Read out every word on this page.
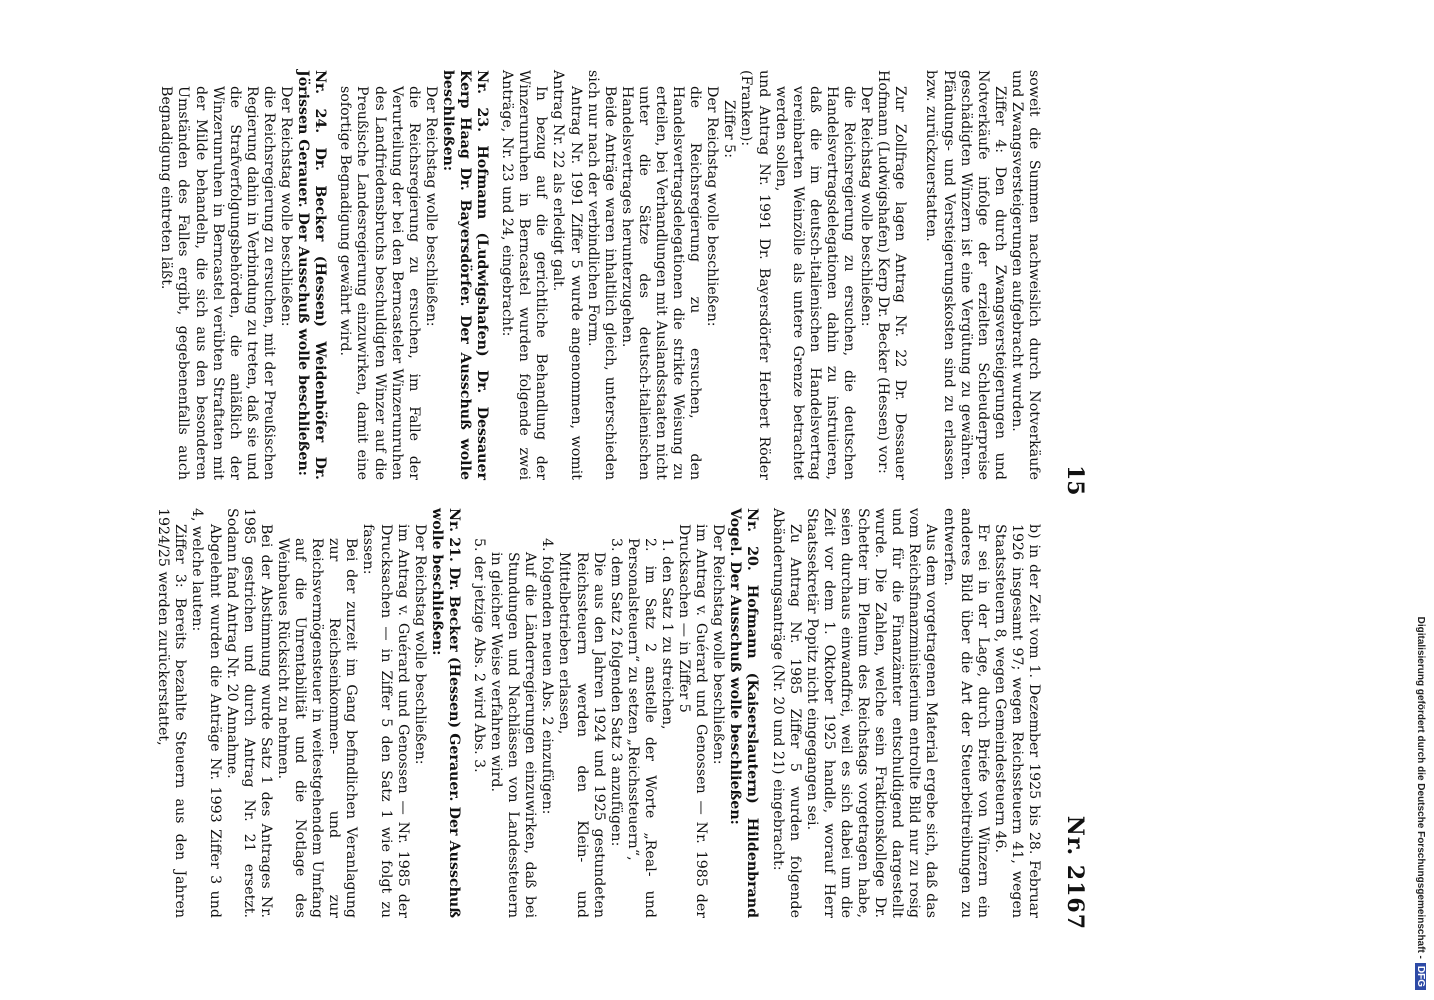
Nr. 2167
15

soweit die Summen nachweislich durch Notverkäufe und Zwangsversteigerungen aufgebracht wurden.

Ziffer 4: Den durch Zwangsversteigerungen und Notverkäufe infolge der erzielten Schleuderpreise geschädigten Winzern ist eine Vergütung zu gewähren. Pfändungs- und Versteigerungskosten sind zu erlassen bzw. zurückzuerstatten.

Zur Zollfrage lagen Antrag Nr. 22 Dr. Dessauer Hofmann (Ludwigshafen) Kerp Dr. Becker (Hessen) vor:

Der Reichstag wolle beschließen:

die Reichsregierung zu ersuchen, die deutschen Handelsvertragsdelegationen dahin zu instruieren, daß die im deutsch-italienischen Handelsvertrag vereinbarten Weinzölle als untere Grenze betrachtet werden sollen,

und Antrag Nr. 1991 Dr. Bayersdörfer Herbert Röder (Franken):

Ziffer 5:

Der Reichstag wolle beschließen:

die Reichsregierung zu ersuchen, den Handelsvertragsdelegationen die strikte Weisung zu erteilen, bei Verhandlungen mit Auslandsstaaten nicht unter die Sätze des deutsch-italienischen Handelsvertrages herunterzugehen.

Beide Anträge waren inhaltlich gleich, unterschieden sich nur nach der verbindlichen Form.

Antrag Nr. 1991 Ziffer 5 wurde angenommen, womit Antrag Nr. 22 als erledigt galt.

In bezug auf die gerichtliche Behandlung der Winzerunruhen in Berncastel wurden folgende zwei Anträge, Nr. 23 und 24, eingebracht:

Nr. 23. Hofmann (Ludwigshafen) Dr. Dessauer Kerp Haag Dr. Bayersdörfer. Der Ausschuß wolle beschließen:

Der Reichstag wolle beschließen:

die Reichsregierung zu ersuchen, im Falle der Verurteilung der bei den Berncasteler Winzerunruhen des Landfriedensbruchs beschuldigten Winzer auf die Preußische Landesregierung einzuwirken, damit eine sofortige Begnadigung gewährt wird.

Nr. 24. Dr. Becker (Hessen) Weidenhöfer Dr. Jörissen Gerauer. Der Ausschuß wolle beschließen:

Der Reichstag wolle beschließen:

die Reichsregierung zu ersuchen, mit der Preußischen Regierung dahin in Verbindung zu treten, daß sie und die Strafverfolgungsbehörden, die anläßlich der Winzerunruhen in Berncastel verübten Straftaten mit der Milde behandeln, die sich aus den besonderen Umständen des Falles ergibt, gegebenenfalls auch Begnadigung eintreten läßt.

b) in der Zeit vom 1. Dezember 1925 bis 28. Februar 1926 insgesamt 97; wegen Reichssteuern 41, wegen Staatssteuern 8, wegen Gemeindesteuern 46.

Er sei in der Lage, durch Briefe von Winzern ein anderes Bild über die Art der Steuerbeitreibungen zu entwerfen.

Aus dem vorgetragenen Material ergebe sich, daß das vom Reichsfinanzministerium entrollte Bild nur zu rosig und für die Finanzämter entschuldigend dargestellt wurde. Die Zahlen, welche sein Fraktionskollege Dr. Schetter im Plenum des Reichstags vorgetragen habe, seien durchaus einwandfrei, weil es sich dabei um die Zeit vor dem 1. Oktober 1925 handle, worauf Herr Staatssekretär Popitz nicht eingegangen sei.

Zu Antrag Nr. 1985 Ziffer 5 wurden folgende Abänderungsanträge (Nr. 20 und 21) eingebracht:

Nr. 20. Hofmann (Kaiserslautern) Hildenbrand Vogel. Der Ausschuß wolle beschließen:

Der Reichstag wolle beschließen:

im Antrag v. Guérard und Genossen — Nr. 1985 der Drucksachen — in Ziffer 5

1. den Satz 1 zu streichen,

2. im Satz 2 anstelle der Worte „Real- und Personalsteuern“ zu setzen „Reichssteuern“,

3. dem Satz 2 folgenden Satz 3 anzufügen:

Die aus den Jahren 1924 und 1925 gestundeten Reichssteuern werden den Klein- und Mittelbetrieben erlassen,

4. folgenden neuen Abs. 2 einzufügen:

Auf die Länderregierungen einzuwirken, daß bei Stundungen und Nachlässen von Landessteuern in gleicher Weise verfahren wird.

5. der jetzige Abs. 2 wird Abs. 3.

Nr. 21. Dr. Becker (Hessen) Gerauer. Der Ausschuß wolle beschließen:

Der Reichstag wolle beschließen:

im Antrag v. Guérard und Genossen — Nr. 1985 der Drucksachen — in Ziffer 5 den Satz 1 wie folgt zu fassen:

Bei der zurzeit im Gang befindlichen Veranlagung zur Reichseinkommen- und zur Reichsvermögensteuer in weitestgehendem Umfang auf die Unrentabilität und die Notlage des Weinbaues Rücksicht zu nehmen.

Bei der Abstimmung wurde Satz 1 des Antrages Nr. 1985 gestrichen und durch Antrag Nr. 21 ersetzt. Sodann fand Antrag Nr. 20 Annahme.

Abgelehnt wurden die Anträge Nr. 1993 Ziffer 3 und 4, welche lauten:

Ziffer 3: Bereits bezahlte Steuern aus den Jahren 1924/25 werden zurückerstattet,	Digitalisierung gefördert durch die Deutsche Forschungsgemeinschaft -DFG
